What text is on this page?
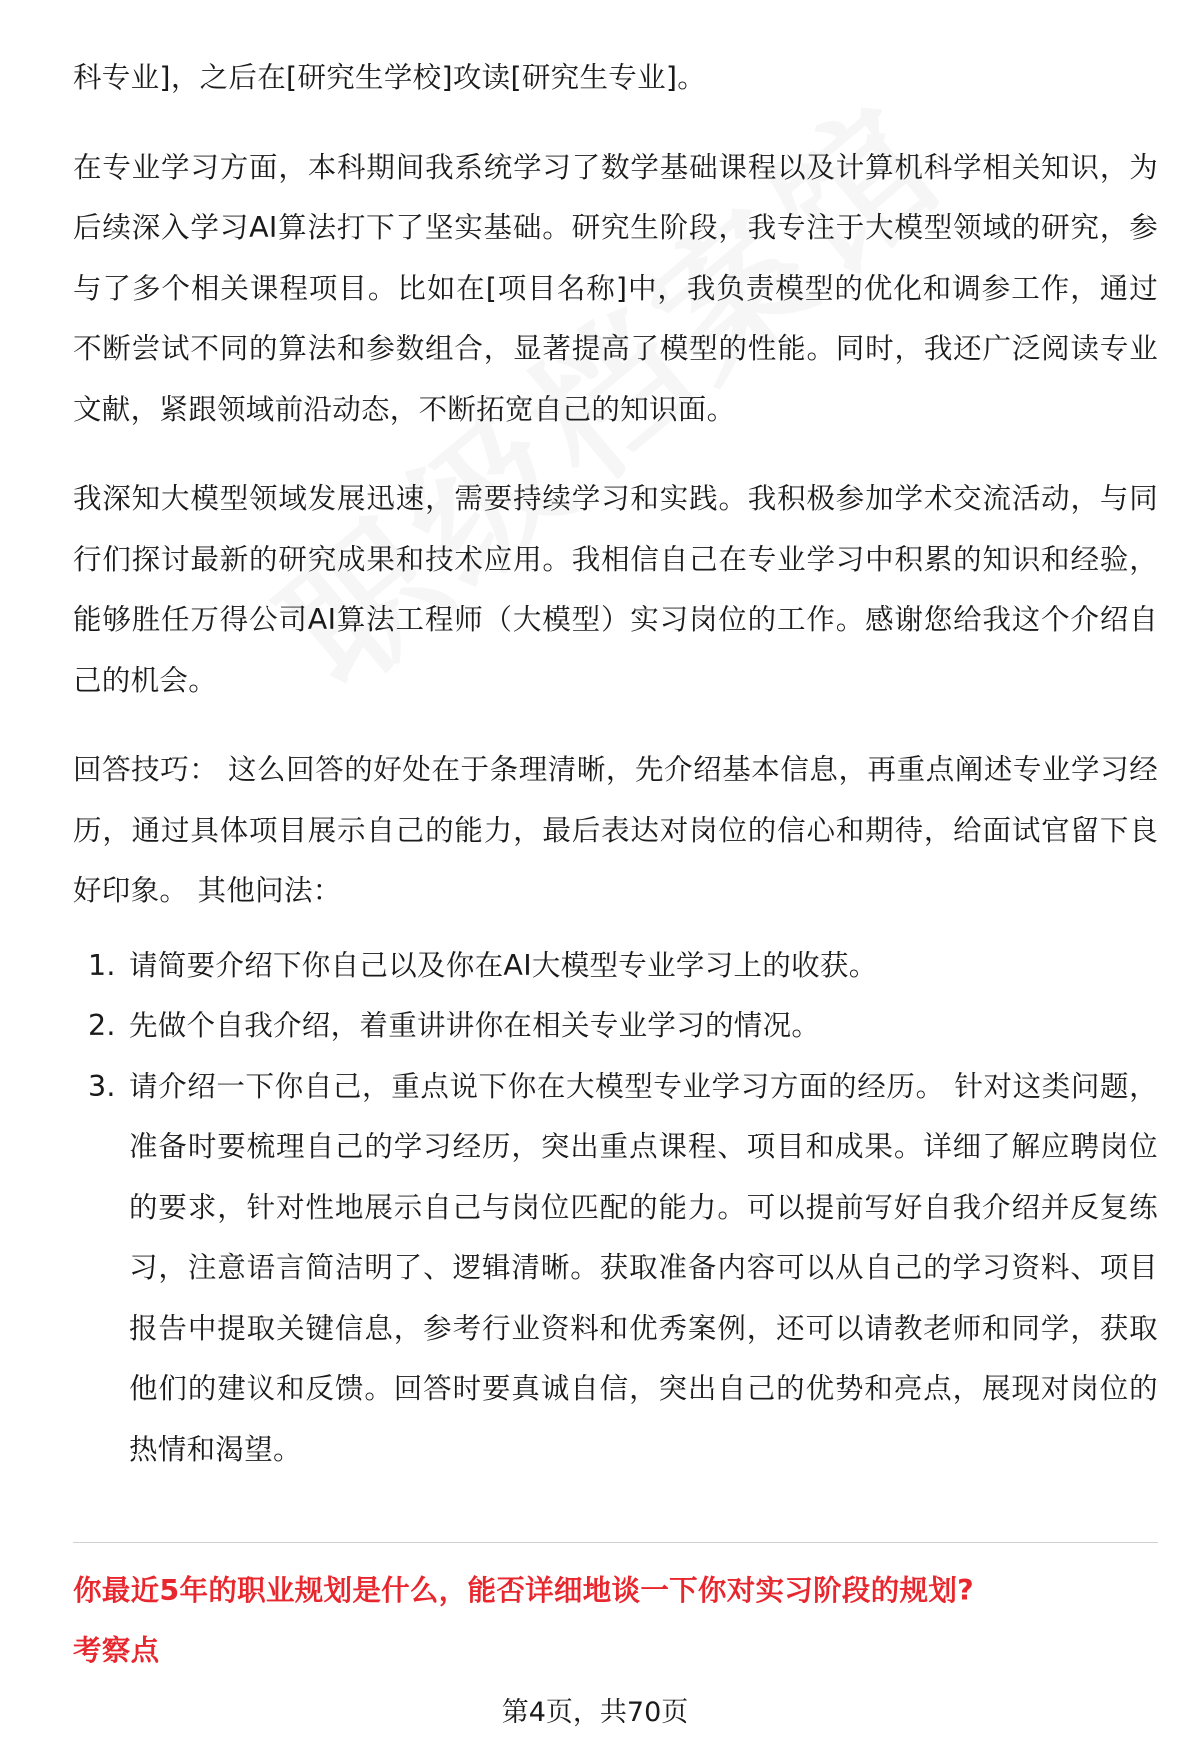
科专业]，之后在[研究生学校]攻读[研究生专业]。

在专业学习方面，本科期间我系统学习了数学基础课程以及计算机科学相关知识，为后续深入学习AI算法打下了坚实基础。研究生阶段，我专注于大模型领域的研究，参与了多个相关课程项目。比如在[项目名称]中，我负责模型的优化和调参工作，通过不断尝试不同的算法和参数组合，显著提高了模型的性能。同时，我还广泛阅读专业文献，紧跟领域前沿动态，不断拓宽自己的知识面。

我深知大模型领域发展迅速，需要持续学习和实践。我积极参加学术交流活动，与同行们探讨最新的研究成果和技术应用。我相信自己在专业学习中积累的知识和经验，能够胜任万得公司AI算法工程师（大模型）实习岗位的工作。感谢您给我这个介绍自己的机会。

回答技巧： 这么回答的好处在于条理清晰，先介绍基本信息，再重点阐述专业学习经历，通过具体项目展示自己的能力，最后表达对岗位的信心和期待，给面试官留下良好印象。 其他问法：

1. 请简要介绍下你自己以及你在AI大模型专业学习上的收获。
2. 先做个自我介绍，着重讲讲你在相关专业学习的情况。
3. 请介绍一下你自己，重点说下你在大模型专业学习方面的经历。 针对这类问题，准备时要梳理自己的学习经历，突出重点课程、项目和成果。详细了解应聘岗位的要求，针对性地展示自己与岗位匹配的能力。可以提前写好自我介绍并反复练习，注意语言简洁明了、逻辑清晰。获取准备内容可以从自己的学习资料、项目报告中提取关键信息，参考行业资料和优秀案例，还可以请教老师和同学，获取他们的建议和反馈。回答时要真诚自信，突出自己的优势和亮点，展现对岗位的热情和渴望。
你最近5年的职业规划是什么，能否详细地谈一下你对实习阶段的规划?
考察点
第4页，共70页
